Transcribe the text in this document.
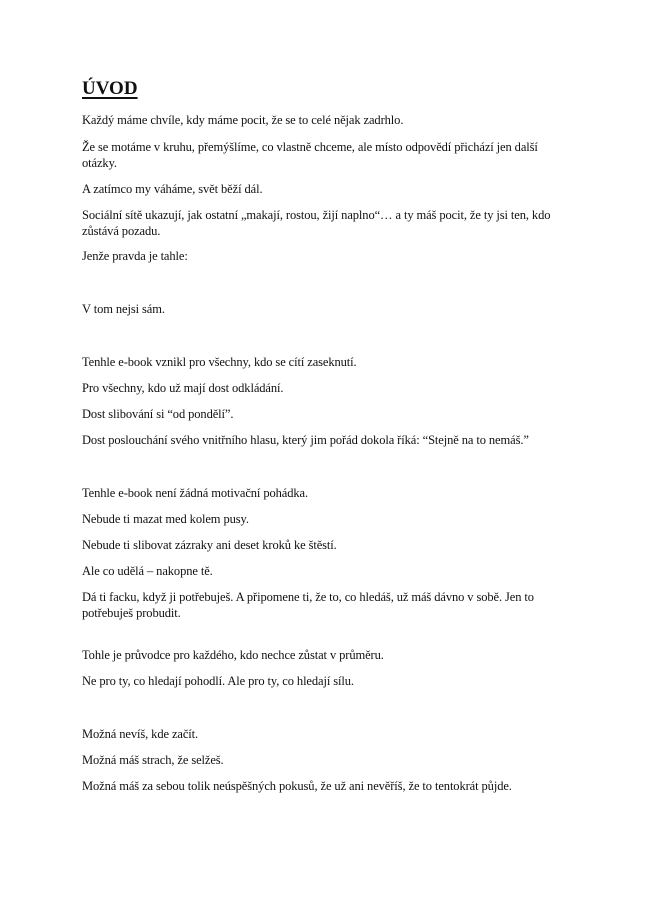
ÚVOD

Každý máme chvíle, kdy máme pocit, že se to celé nějak zadrhlo.

Že se motáme v kruhu, přemýšlíme, co vlastně chceme, ale místo odpovědí přichází jen další otázky.

A zatímco my váháme, svět běží dál.

Sociální sítě ukazují, jak ostatní „makají, rostou, žijí naplno“… a ty máš pocit, že ty jsi ten, kdo zůstává pozadu.

Jenže pravda je tahle:

V tom nejsi sám.

Tenhle e-book vznikl pro všechny, kdo se cítí zaseknutí.

Pro všechny, kdo už mají dost odkládání.

Dost slibování si “od pondělí”.

Dost poslouchání svého vnitřního hlasu, který jim pořád dokola říká: “Stejně na to nemáš.”

Tenhle e-book není žádná motivační pohádka.

Nebude ti mazat med kolem pusy.

Nebude ti slibovat zázraky ani deset kroků ke štěstí.

Ale co udělá – nakopne tě.

Dá ti facku, když ji potřebuješ. A připomene ti, že to, co hledáš, už máš dávno v sobě. Jen to potřebuješ probudit.

Tohle je průvodce pro každého, kdo nechce zůstat v průměru.

Ne pro ty, co hledají pohodlí. Ale pro ty, co hledají sílu.

Možná nevíš, kde začít.

Možná máš strach, že selžeš.

Možná máš za sebou tolik neúspěšných pokusů, že už ani nevěříš, že to tentokrát půjde.
